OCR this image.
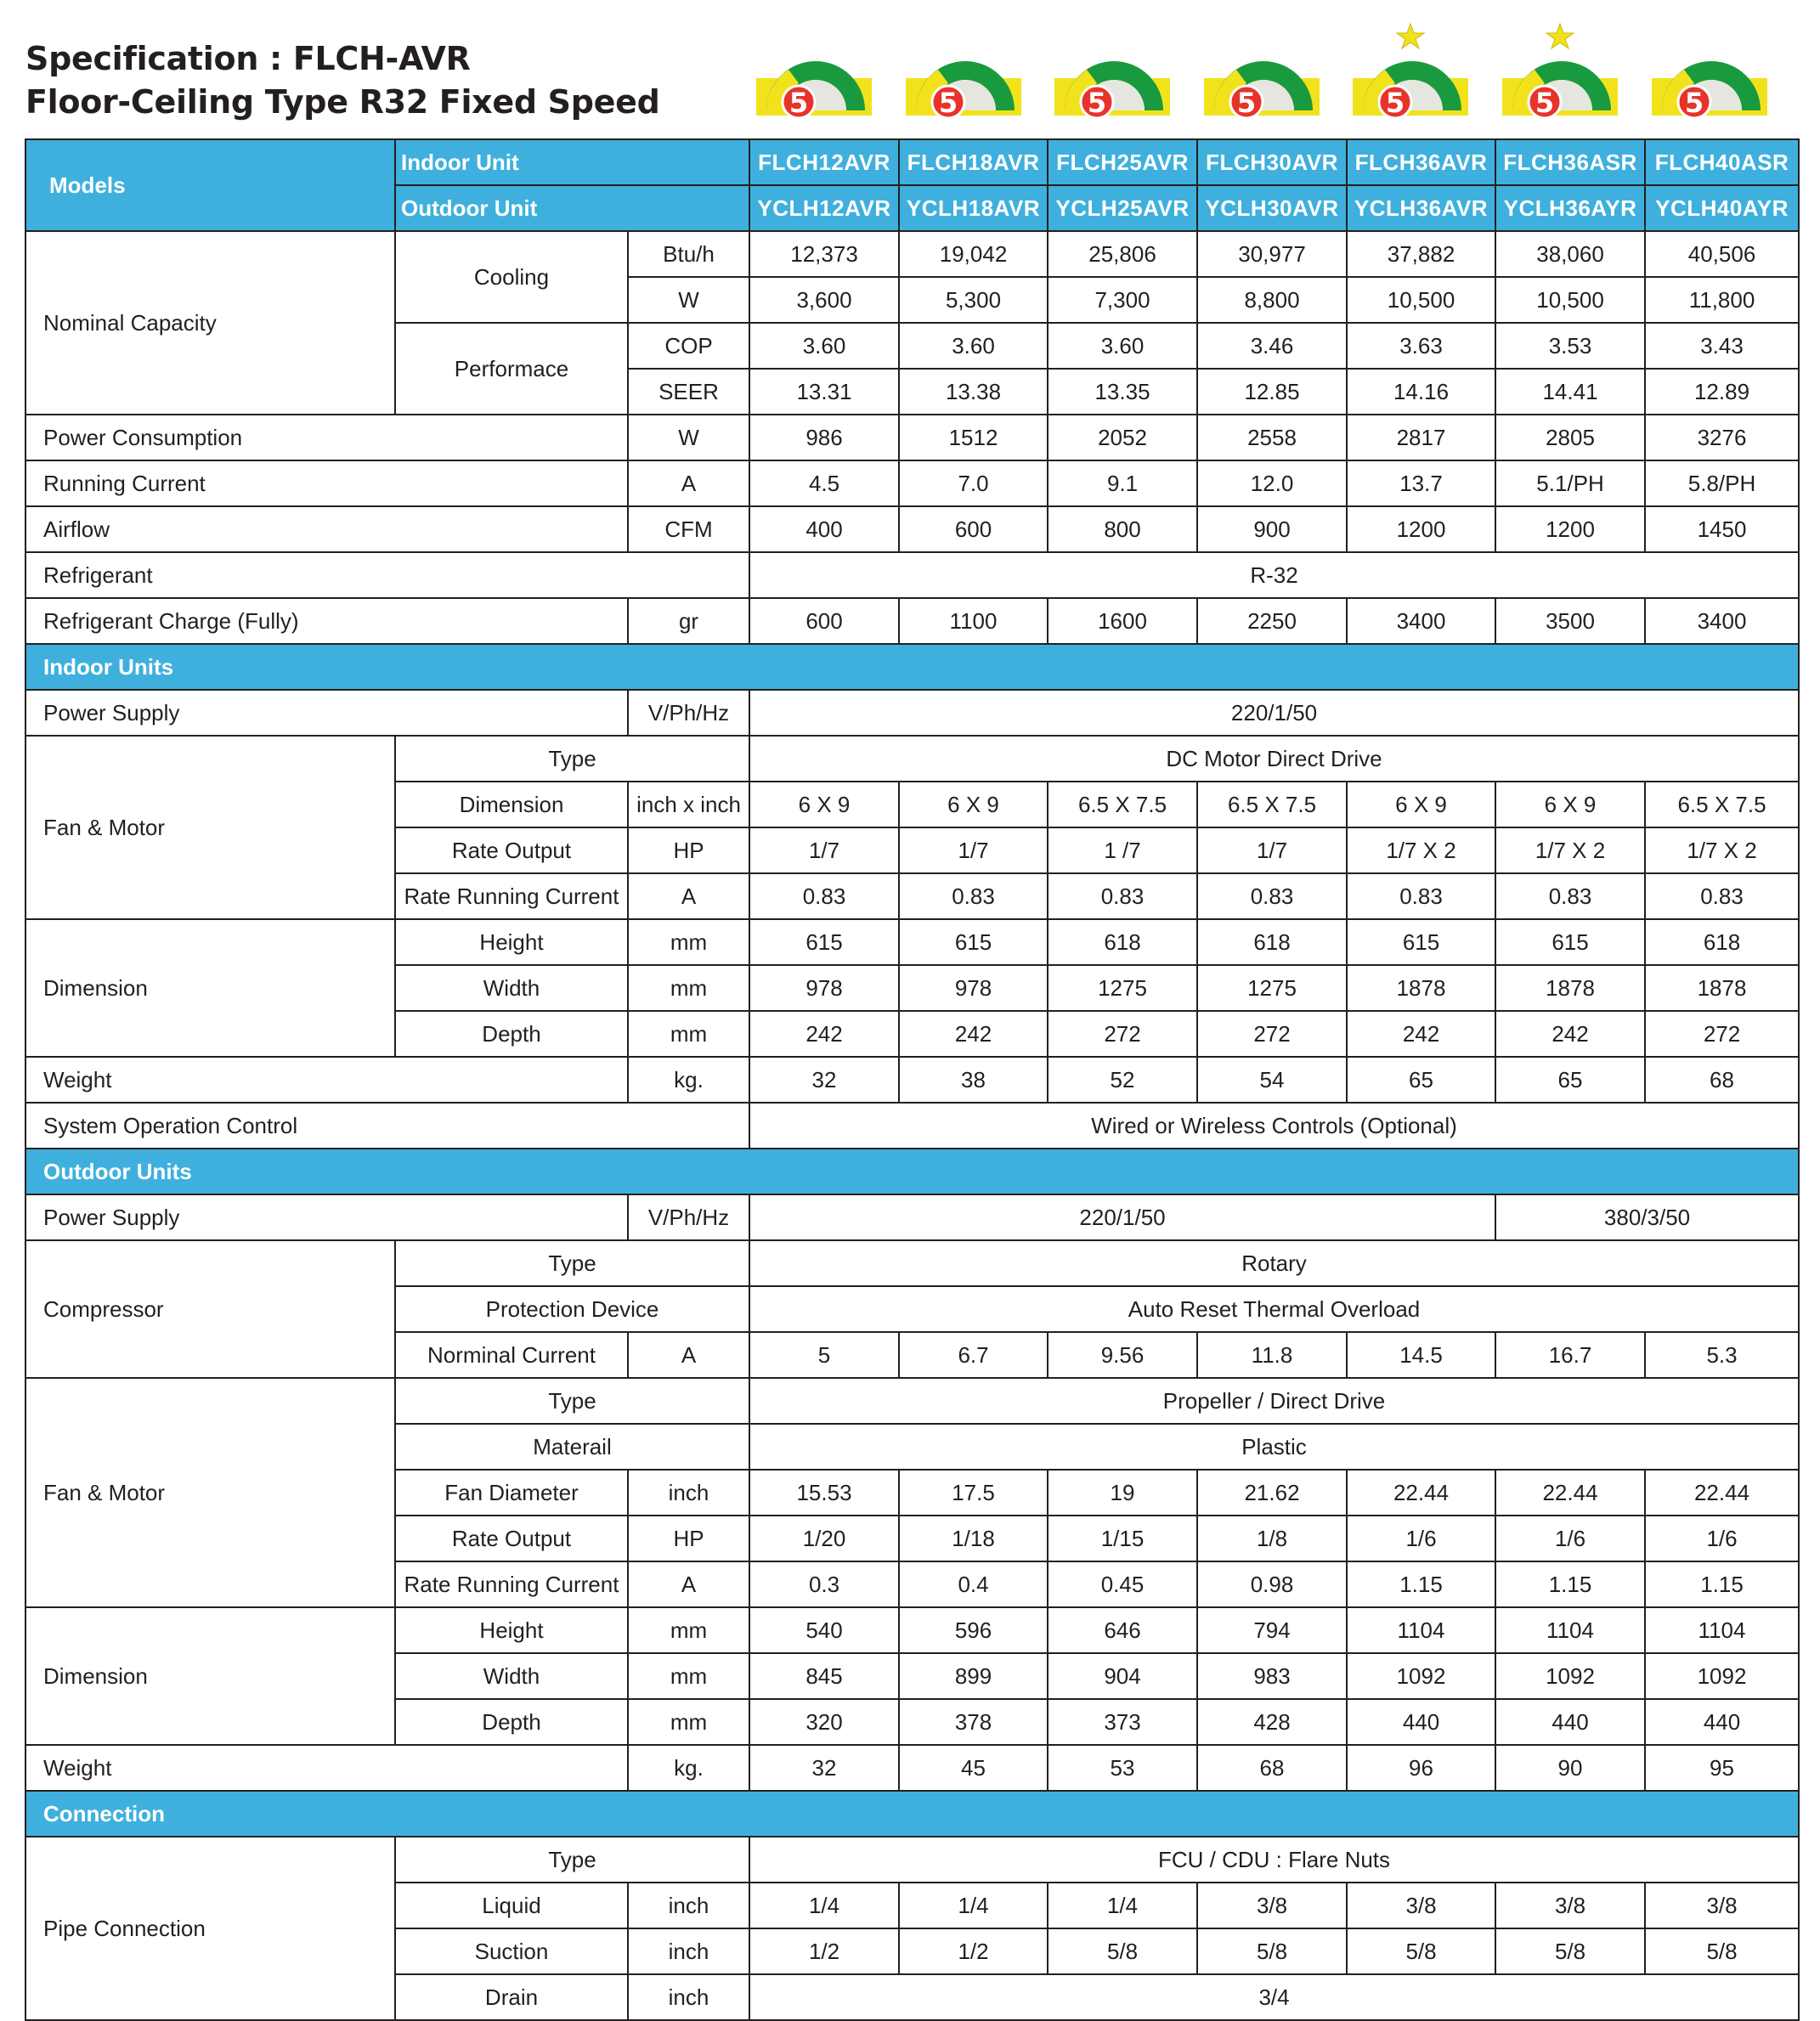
Specification : FLCH-AVR
Floor-Ceiling Type R32 Fixed Speed	5	5	5	5	5	5	5
Models	Indoor Unit		FLCH12AVR	FLCH18AVR	FLCH25AVR	FLCH30AVR	FLCH36AVR	FLCH36ASR	FLCH40ASR
	Outdoor Unit		YCLH12AVR	YCLH18AVR	YCLH25AVR	YCLH30AVR	YCLH36AVR	YCLH36AYR	YCLH40AYR
Nominal Capacity	Cooling	Btu/h	12,373	19,042	25,806	30,977	37,882	38,060	40,506
		W	3,600	5,300	7,300	8,800	10,500	10,500	11,800
	Performace	COP	3.60	3.60	3.60	3.46	3.63	3.53	3.43
		SEER	13.31	13.38	13.35	12.85	14.16	14.41	12.89
Power Consumption		W	986	1512	2052	2558	2817	2805	3276
Running Current		A	4.5	7.0	9.1	12.0	13.7	5.1/PH	5.8/PH
Airflow		CFM	400	600	800	900	1200	1200	1450
Refrigerant			R-32						
Refrigerant Charge (Fully)		gr	600	1100	1600	2250	3400	3500	3400
Indoor Units									
Power Supply		V/Ph/Hz	220/1/50						
Fan & Motor	Type		DC Motor Direct Drive						
	Dimension	inch x inch	6 X 9	6 X 9	6.5 X 7.5	6.5 X 7.5	6 X 9	6 X 9	6.5 X 7.5
	Rate Output	HP	1/7	1/7	1 /7	1/7	1/7 X 2	1/7 X 2	1/7 X 2
	Rate Running Current	A	0.83	0.83	0.83	0.83	0.83	0.83	0.83
Dimension	Height	mm	615	615	618	618	615	615	618
	Width	mm	978	978	1275	1275	1878	1878	1878
	Depth	mm	242	242	272	272	242	242	272
Weight		kg.	32	38	52	54	65	65	68
System Operation Control			Wired or Wireless Controls (Optional)						
Outdoor Units									
Power Supply		V/Ph/Hz	220/1/50					380/3/50	
Compressor	Type		Rotary						
	Protection Device		Auto Reset Thermal Overload						
	Norminal Current	A	5	6.7	9.56	11.8	14.5	16.7	5.3
Fan & Motor	Type		Propeller / Direct Drive						
	Materail		Plastic						
	Fan Diameter	inch	15.53	17.5	19	21.62	22.44	22.44	22.44
	Rate Output	HP	1/20	1/18	1/15	1/8	1/6	1/6	1/6
	Rate Running Current	A	0.3	0.4	0.45	0.98	1.15	1.15	1.15
Dimension	Height	mm	540	596	646	794	1104	1104	1104
	Width	mm	845	899	904	983	1092	1092	1092
	Depth	mm	320	378	373	428	440	440	440
Weight		kg.	32	45	53	68	96	90	95
Connection									
Pipe Connection	Type		FCU / CDU : Flare Nuts						
	Liquid	inch	1/4	1/4	1/4	3/8	3/8	3/8	3/8
	Suction	inch	1/2	1/2	5/8	5/8	5/8	5/8	5/8
	Drain	inch	3/4						
